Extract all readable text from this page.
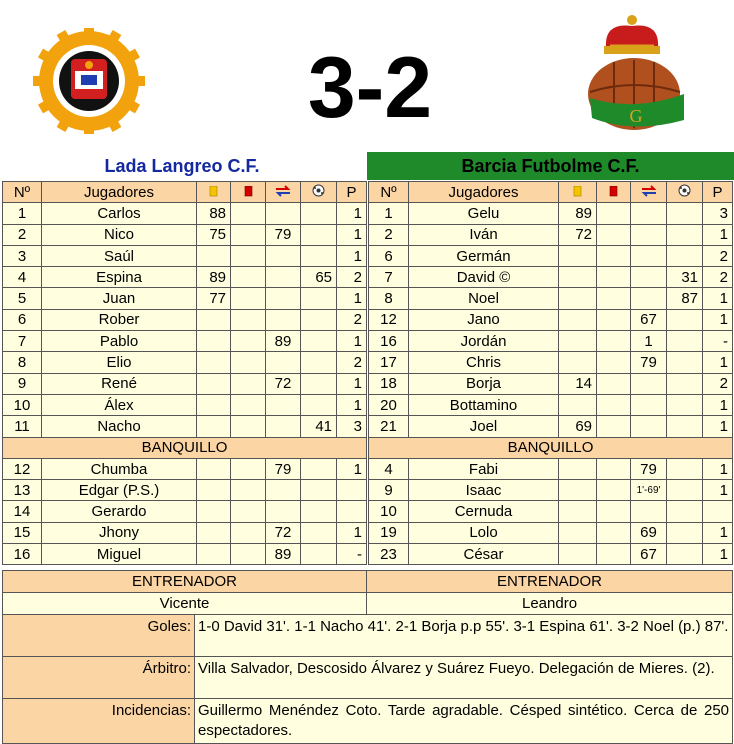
3-2	G
Lada Langreo C.F.	Barcia Futbolme C.F.
Nº	Jugadores					P
1	Carlos	88				1
2	Nico	75		79		1
3	Saúl					1
4	Espina	89			65	2
5	Juan	77				1
6	Rober					2
7	Pablo			89		1
8	Elio					2
9	René			72		1
10	Álex					1
11	Nacho				41	3
BANQUILLO						
12	Chumba			79		1
13	Edgar (P.S.)					
14	Gerardo					
15	Jhony			72		1
16	Miguel			89		-
Nº	Jugadores					P
1	Gelu	89				3
2	Iván	72				1
6	Germán					2
7	David ©				31	2
8	Noel				87	1
12	Jano			67		1
16	Jordán			1		-
17	Chris			79		1
18	Borja	14				2
20	Bottamino					1
21	Joel	69				1
BANQUILLO						
4	Fabi			79		1
9	Isaac			1'-69'		1
10	Cernuda					
19	Lolo			69		1
23	César			67		1
ENTRENADOR		ENTRENADOR
Vicente		Leandro
Goles:	1-0 David 31'. 1-1 Nacho 41'. 2-1 Borja p.p 55'. 3-1 Espina 61'. 3-2 Noel (p.) 87'.	
Árbitro:	Villa Salvador, Descosido Álvarez y Suárez Fueyo. Delegación de Mieres. (2).	
Incidencias:	Guillermo Menéndez Coto. Tarde agradable. Césped sintético. Cerca de 250 espectadores.	
